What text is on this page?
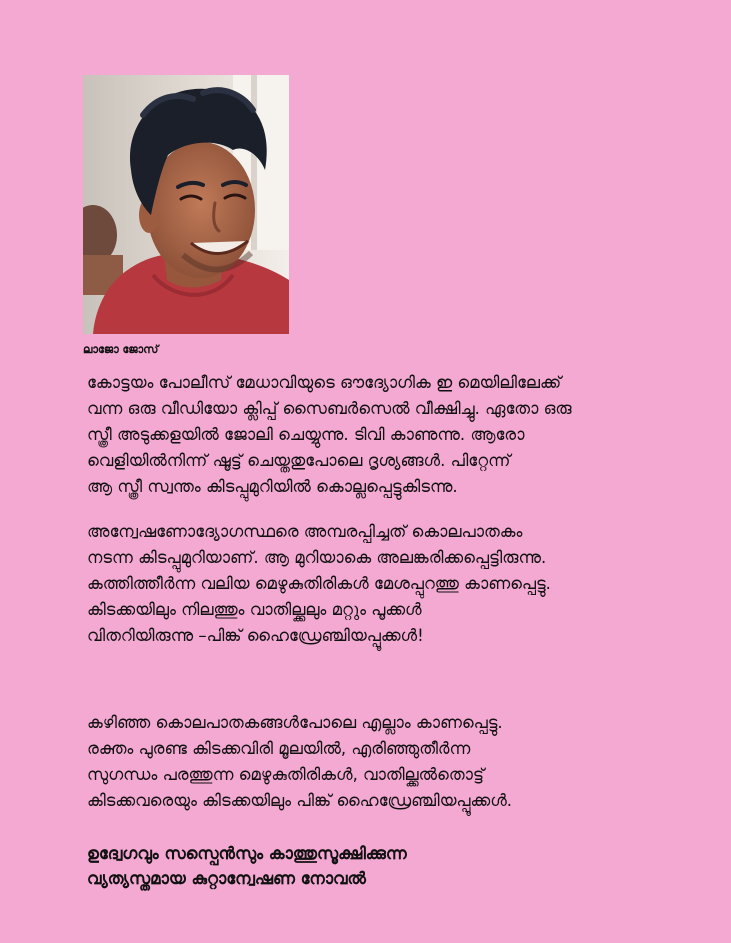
ലാജോ ജോസ്
കോട്ടയം പോലീസ് മേധാവിയുടെ ഔദ്യോഗിക ഇ മെയിലിലേക്ക്
വന്ന ഒരു വീഡിയോ ക്ലിപ്പ് സൈബർസെൽ വീക്ഷിച്ചു. ഏതോ ഒരു
സ്ത്രീ അടുക്കളയിൽ ജോലി ചെയ്യുന്നു. ടിവി കാണുന്നു. ആരോ
വെളിയിൽനിന്ന് ഷൂട്ട് ചെയ്തതുപോലെ ദൃശ്യങ്ങൾ. പിറ്റേന്ന്
ആ സ്ത്രീ സ്വന്തം കിടപ്പുമുറിയിൽ കൊല്ലപ്പെട്ടുകിടന്നു.
അന്വേഷണോദ്യോഗസ്ഥരെ അമ്പരപ്പിച്ചത് കൊലപാതകം
നടന്ന കിടപ്പുമുറിയാണ്. ആ മുറിയാകെ അലങ്കരിക്കപ്പെട്ടിരുന്നു.
കത്തിത്തീർന്ന വലിയ മെഴുകുതിരികൾ മേശപ്പുറത്തു കാണപ്പെട്ടു.
കിടക്കയിലും നിലത്തും വാതില്ക്കലും മറ്റും പൂക്കൾ
വിതറിയിരുന്നു –പിങ്ക് ഹൈഡ്രേഞ്ചിയപ്പൂക്കൾ!
കഴിഞ്ഞ കൊലപാതകങ്ങൾപോലെ എല്ലാം കാണപ്പെട്ടു.
രക്തം പുരണ്ട കിടക്കവിരി മൂലയിൽ, എരിഞ്ഞുതീർന്ന
സുഗന്ധം പരത്തുന്ന മെഴുകുതിരികൾ, വാതില്ക്കൽതൊട്ട്
കിടക്കവരെയും കിടക്കയിലും പിങ്ക് ഹൈഡ്രേഞ്ചിയപ്പൂക്കൾ.
ഉദ്വേഗവും സസ്പെൻസും കാത്തുസൂക്ഷിക്കുന്ന
വ്യത്യസ്തമായ കുറ്റാന്വേഷണ നോവൽ
